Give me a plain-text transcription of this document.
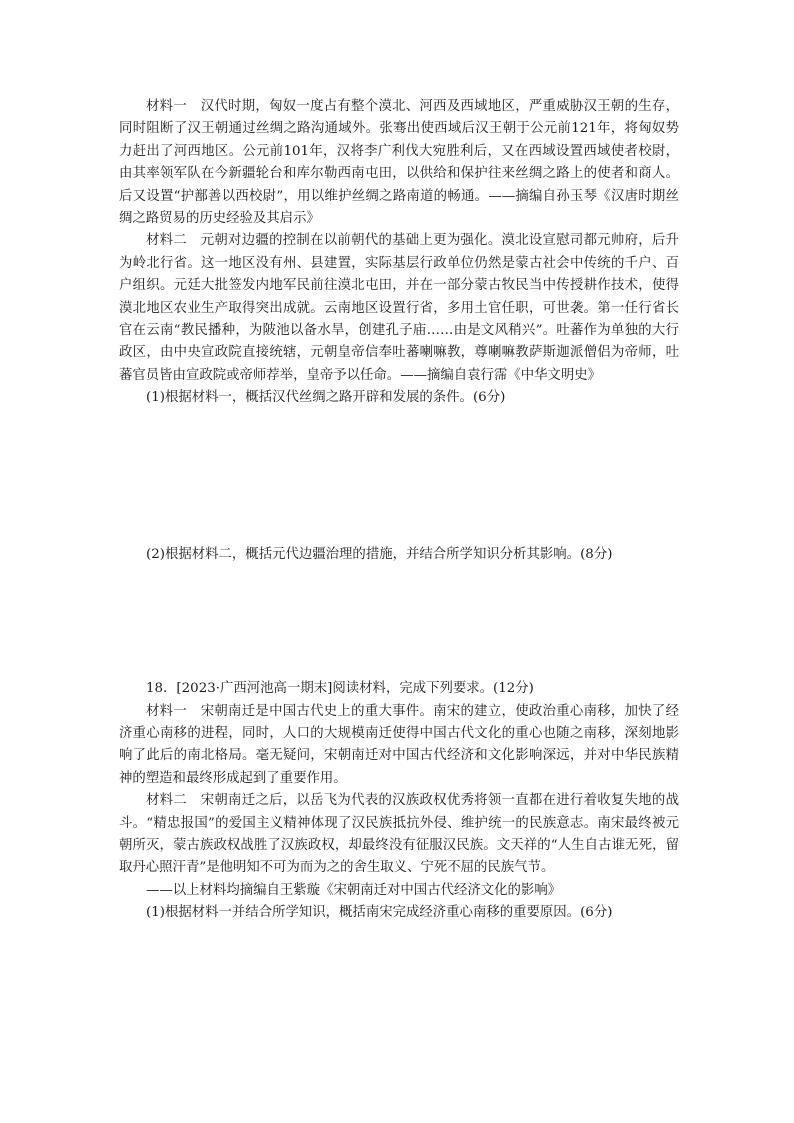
材料一　汉代时期，匈奴一度占有整个漠北、河西及西域地区，严重威胁汉王朝的生存，同时阻断了汉王朝通过丝绸之路沟通域外。张骞出使西域后汉王朝于公元前121年，将匈奴势力赶出了河西地区。公元前101年，汉将李广利伐大宛胜利后，又在西域设置西域使者校尉，由其率领军队在今新疆轮台和库尔勒西南屯田，以供给和保护往来丝绸之路上的使者和商人。后又设置“护鄯善以西校尉”，用以维护丝绸之路南道的畅通。——摘编自孙玉琴《汉唐时期丝绸之路贸易的历史经验及其启示》

材料二　元朝对边疆的控制在以前朝代的基础上更为强化。漠北设宣慰司都元帅府，后升为岭北行省。这一地区没有州、县建置，实际基层行政单位仍然是蒙古社会中传统的千户、百户组织。元廷大批签发内地军民前往漠北屯田，并在一部分蒙古牧民当中传授耕作技术，使得漠北地区农业生产取得突出成就。云南地区设置行省，多用土官任职，可世袭。第一任行省长官在云南“教民播种，为陂池以备水旱，创建孔子庙……由是文风稍兴”。吐蕃作为单独的大行政区，由中央宣政院直接统辖，元朝皇帝信奉吐蕃喇嘛教，尊喇嘛教萨斯迦派僧侣为帝师，吐蕃官员皆由宣政院或帝师荐举，皇帝予以任命。——摘编自袁行霈《中华文明史》

(1)根据材料一，概括汉代丝绸之路开辟和发展的条件。(6分)

(2)根据材料二，概括元代边疆治理的措施，并结合所学知识分析其影响。(8分)

18．[2023·广西河池高一期末]阅读材料，完成下列要求。(12分)

材料一　宋朝南迁是中国古代史上的重大事件。南宋的建立，使政治重心南移，加快了经济重心南移的进程，同时，人口的大规模南迁使得中国古代文化的重心也随之南移，深刻地影响了此后的南北格局。毫无疑问，宋朝南迁对中国古代经济和文化影响深远，并对中华民族精神的塑造和最终形成起到了重要作用。

材料二　宋朝南迁之后，以岳飞为代表的汉族政权优秀将领一直都在进行着收复失地的战斗。“精忠报国”的爱国主义精神体现了汉民族抵抗外侵、维护统一的民族意志。南宋最终被元朝所灭，蒙古族政权战胜了汉族政权，却最终没有征服汉民族。文天祥的“人生自古谁无死，留取丹心照汗青”是他明知不可为而为之的舍生取义、宁死不屈的民族气节。

——以上材料均摘编自王紫璇《宋朝南迁对中国古代经济文化的影响》

(1)根据材料一并结合所学知识，概括南宋完成经济重心南移的重要原因。(6分)
